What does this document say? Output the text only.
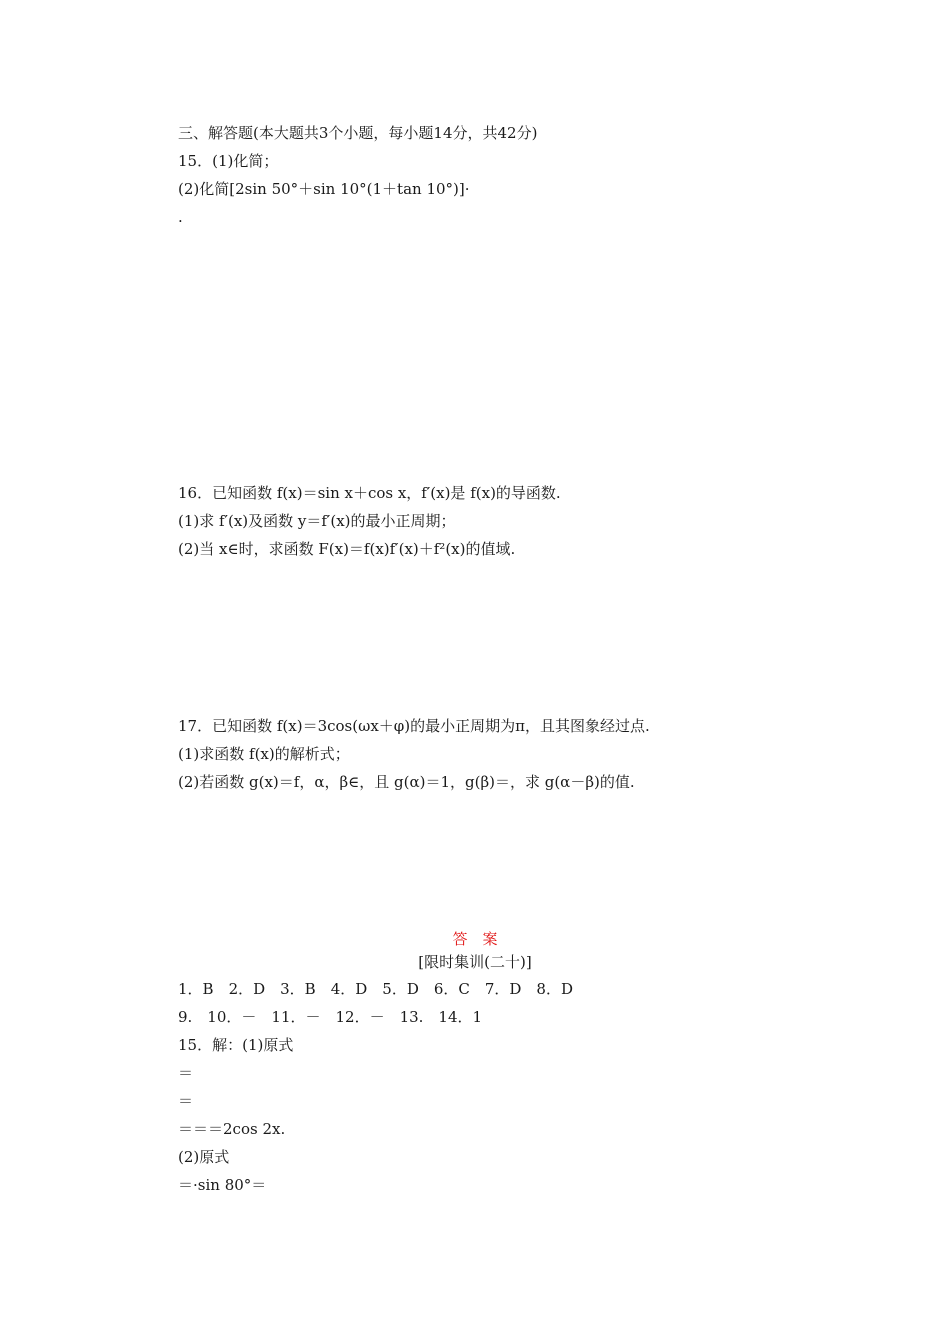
三、解答题(本大题共3个小题，每小题14分，共42分)
15．(1)化简；
(2)化简[2sin 50°＋sin 10°(1＋tan 10°)]·
.
16．已知函数 f(x)＝sin x＋cos x，f′(x)是 f(x)的导函数.
(1)求 f′(x)及函数 y＝f′(x)的最小正周期；
(2)当 x∈时，求函数 F(x)＝f(x)f′(x)＋f²(x)的值域.
17．已知函数 f(x)＝3cos(ωx＋φ)的最小正周期为π，且其图象经过点.
(1)求函数 f(x)的解析式；
(2)若函数 g(x)＝f，α，β∈，且 g(α)＝1，g(β)＝，求 g(α－β)的值.
答　案
[限时集训(二十)]
1．B　2．D　3．B　4．D　5．D　6．C　7．D　8．D
9.　10．－　11．－　12．－　13.　14．1
15．解：(1)原式
＝
＝
＝＝＝2cos 2x.
(2)原式
＝·sin 80°＝
